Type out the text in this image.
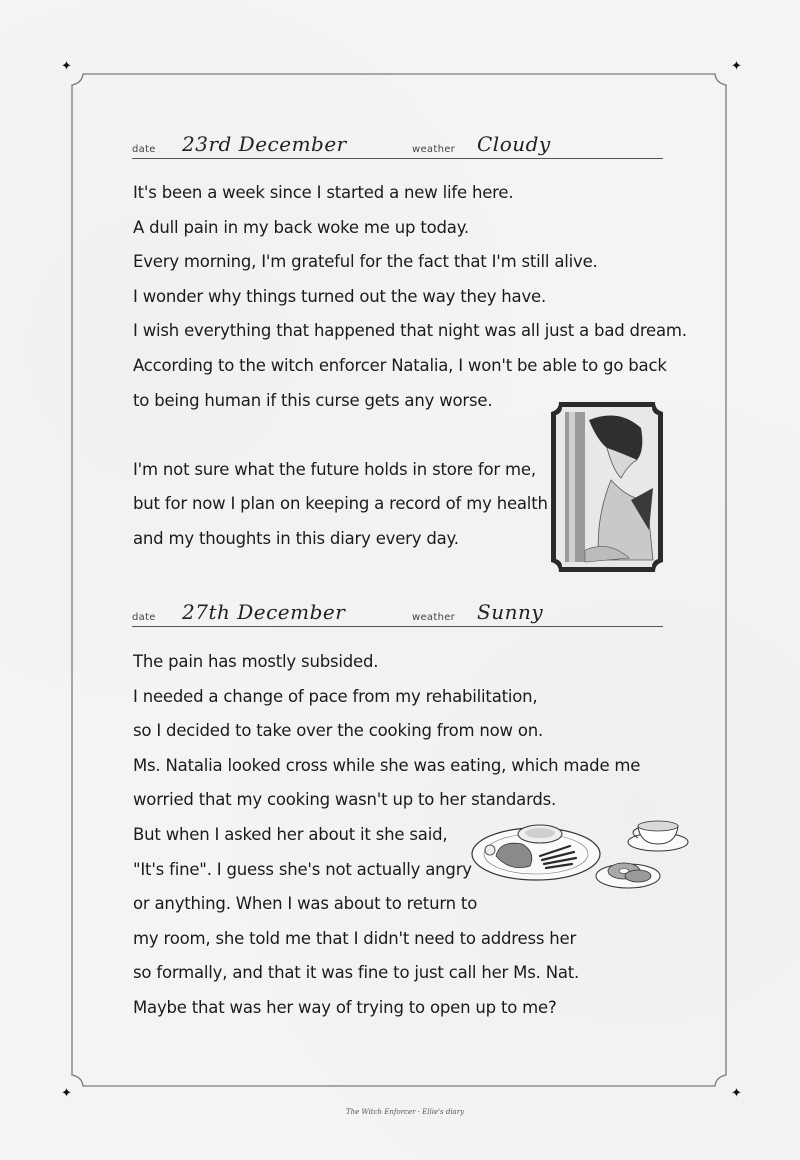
✦	✦
✦	✦
date 23rd December	weather Cloudy
It's been a week since I started a new life here.
A dull pain in my back woke me up today.
Every morning, I'm grateful for the fact that I'm still alive.
I wonder why things turned out the way they have.
I wish everything that happened that night was all just a bad dream.
According to the witch enforcer Natalia, I won't be able to go back
to being human if this curse gets any worse.
I'm not sure what the future holds in store for me,
but for now I plan on keeping a record of my health
and my thoughts in this diary every day.
date 27th December	weather Sunny
The pain has mostly subsided.
I needed a change of pace from my rehabilitation,
so I decided to take over the cooking from now on.
Ms. Natalia looked cross while she was eating, which made me
worried that my cooking wasn't up to her standards.
But when I asked her about it she said,
"It's fine". I guess she's not actually angry
or anything. When I was about to return to
my room, she told me that I didn't need to address her
so formally, and that it was fine to just call her Ms. Nat.
Maybe that was her way of trying to open up to me?
The Witch Enforcer · Ellie's diary
